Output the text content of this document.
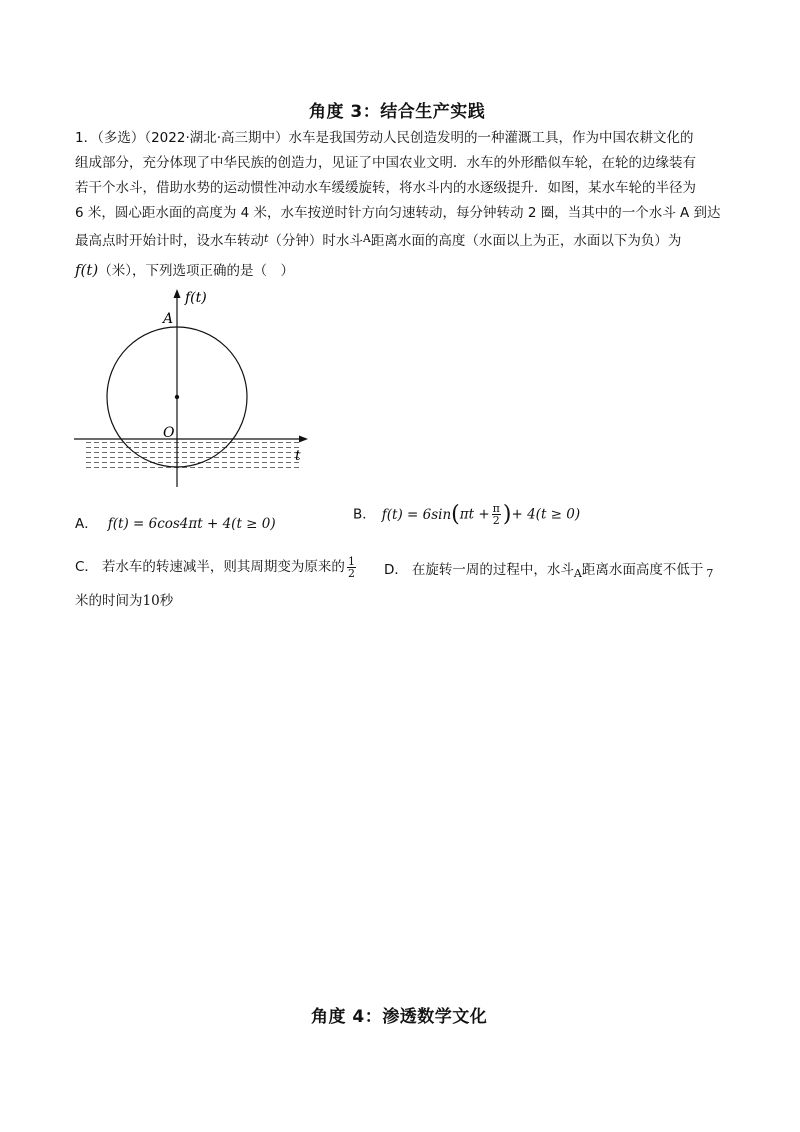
角度 3：结合生产实践
1．（多选）（2022·湖北·高三期中）水车是我国劳动人民创造发明的一种灌溉工具，作为中国农耕文化的
组成部分，充分体现了中华民族的创造力，见证了中国农业文明．水车的外形酷似车轮，在轮的边缘装有
若干个水斗，借助水势的运动惯性冲动水车缓缓旋转，将水斗内的水逐级提升．如图，某水车轮的半径为
6 米，圆心距水面的高度为 4 米，水车按逆时针方向匀速转动，每分钟转动 2 圈，当其中的一个水斗 A 到达
最高点时开始计时，设水车转动$^t$（分钟）时水斗$^A$距离水面的高度（水面以上为正，水面以下为负）为
f(t)（米），下列选项正确的是（　）
f(t)
A
O
t
A． f(t) = 6cos4πt + 4(t ≥ 0)
B． $f(t) = 6\sin(\pi t + \frac{\pi}{2}$ )+ 4(t ≥ 0)
C． 若水车的转速减半，则其周期变为原来的 $\frac{1}{2}$ D． 在旋转一周的过程中，水斗$_A$距离水面高度不低于 $_7$
米的时间为10秒
角度 4：渗透数学文化
